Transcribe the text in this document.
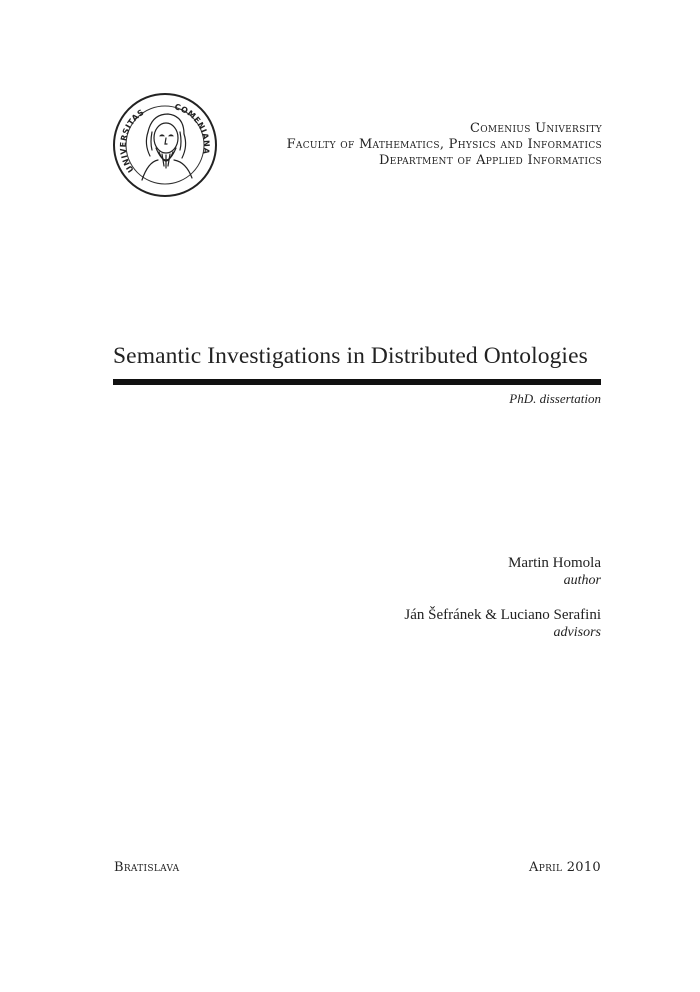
UNIVERSITAS
COMENIANA
Comenius University
Faculty of Mathematics, Physics and Informatics
Department of Applied Informatics
Semantic Investigations in Distributed Ontologies
PhD. dissertation
Martin Homola
author
Ján Šefránek & Luciano Serafini
advisors
Bratislava	April 2010
